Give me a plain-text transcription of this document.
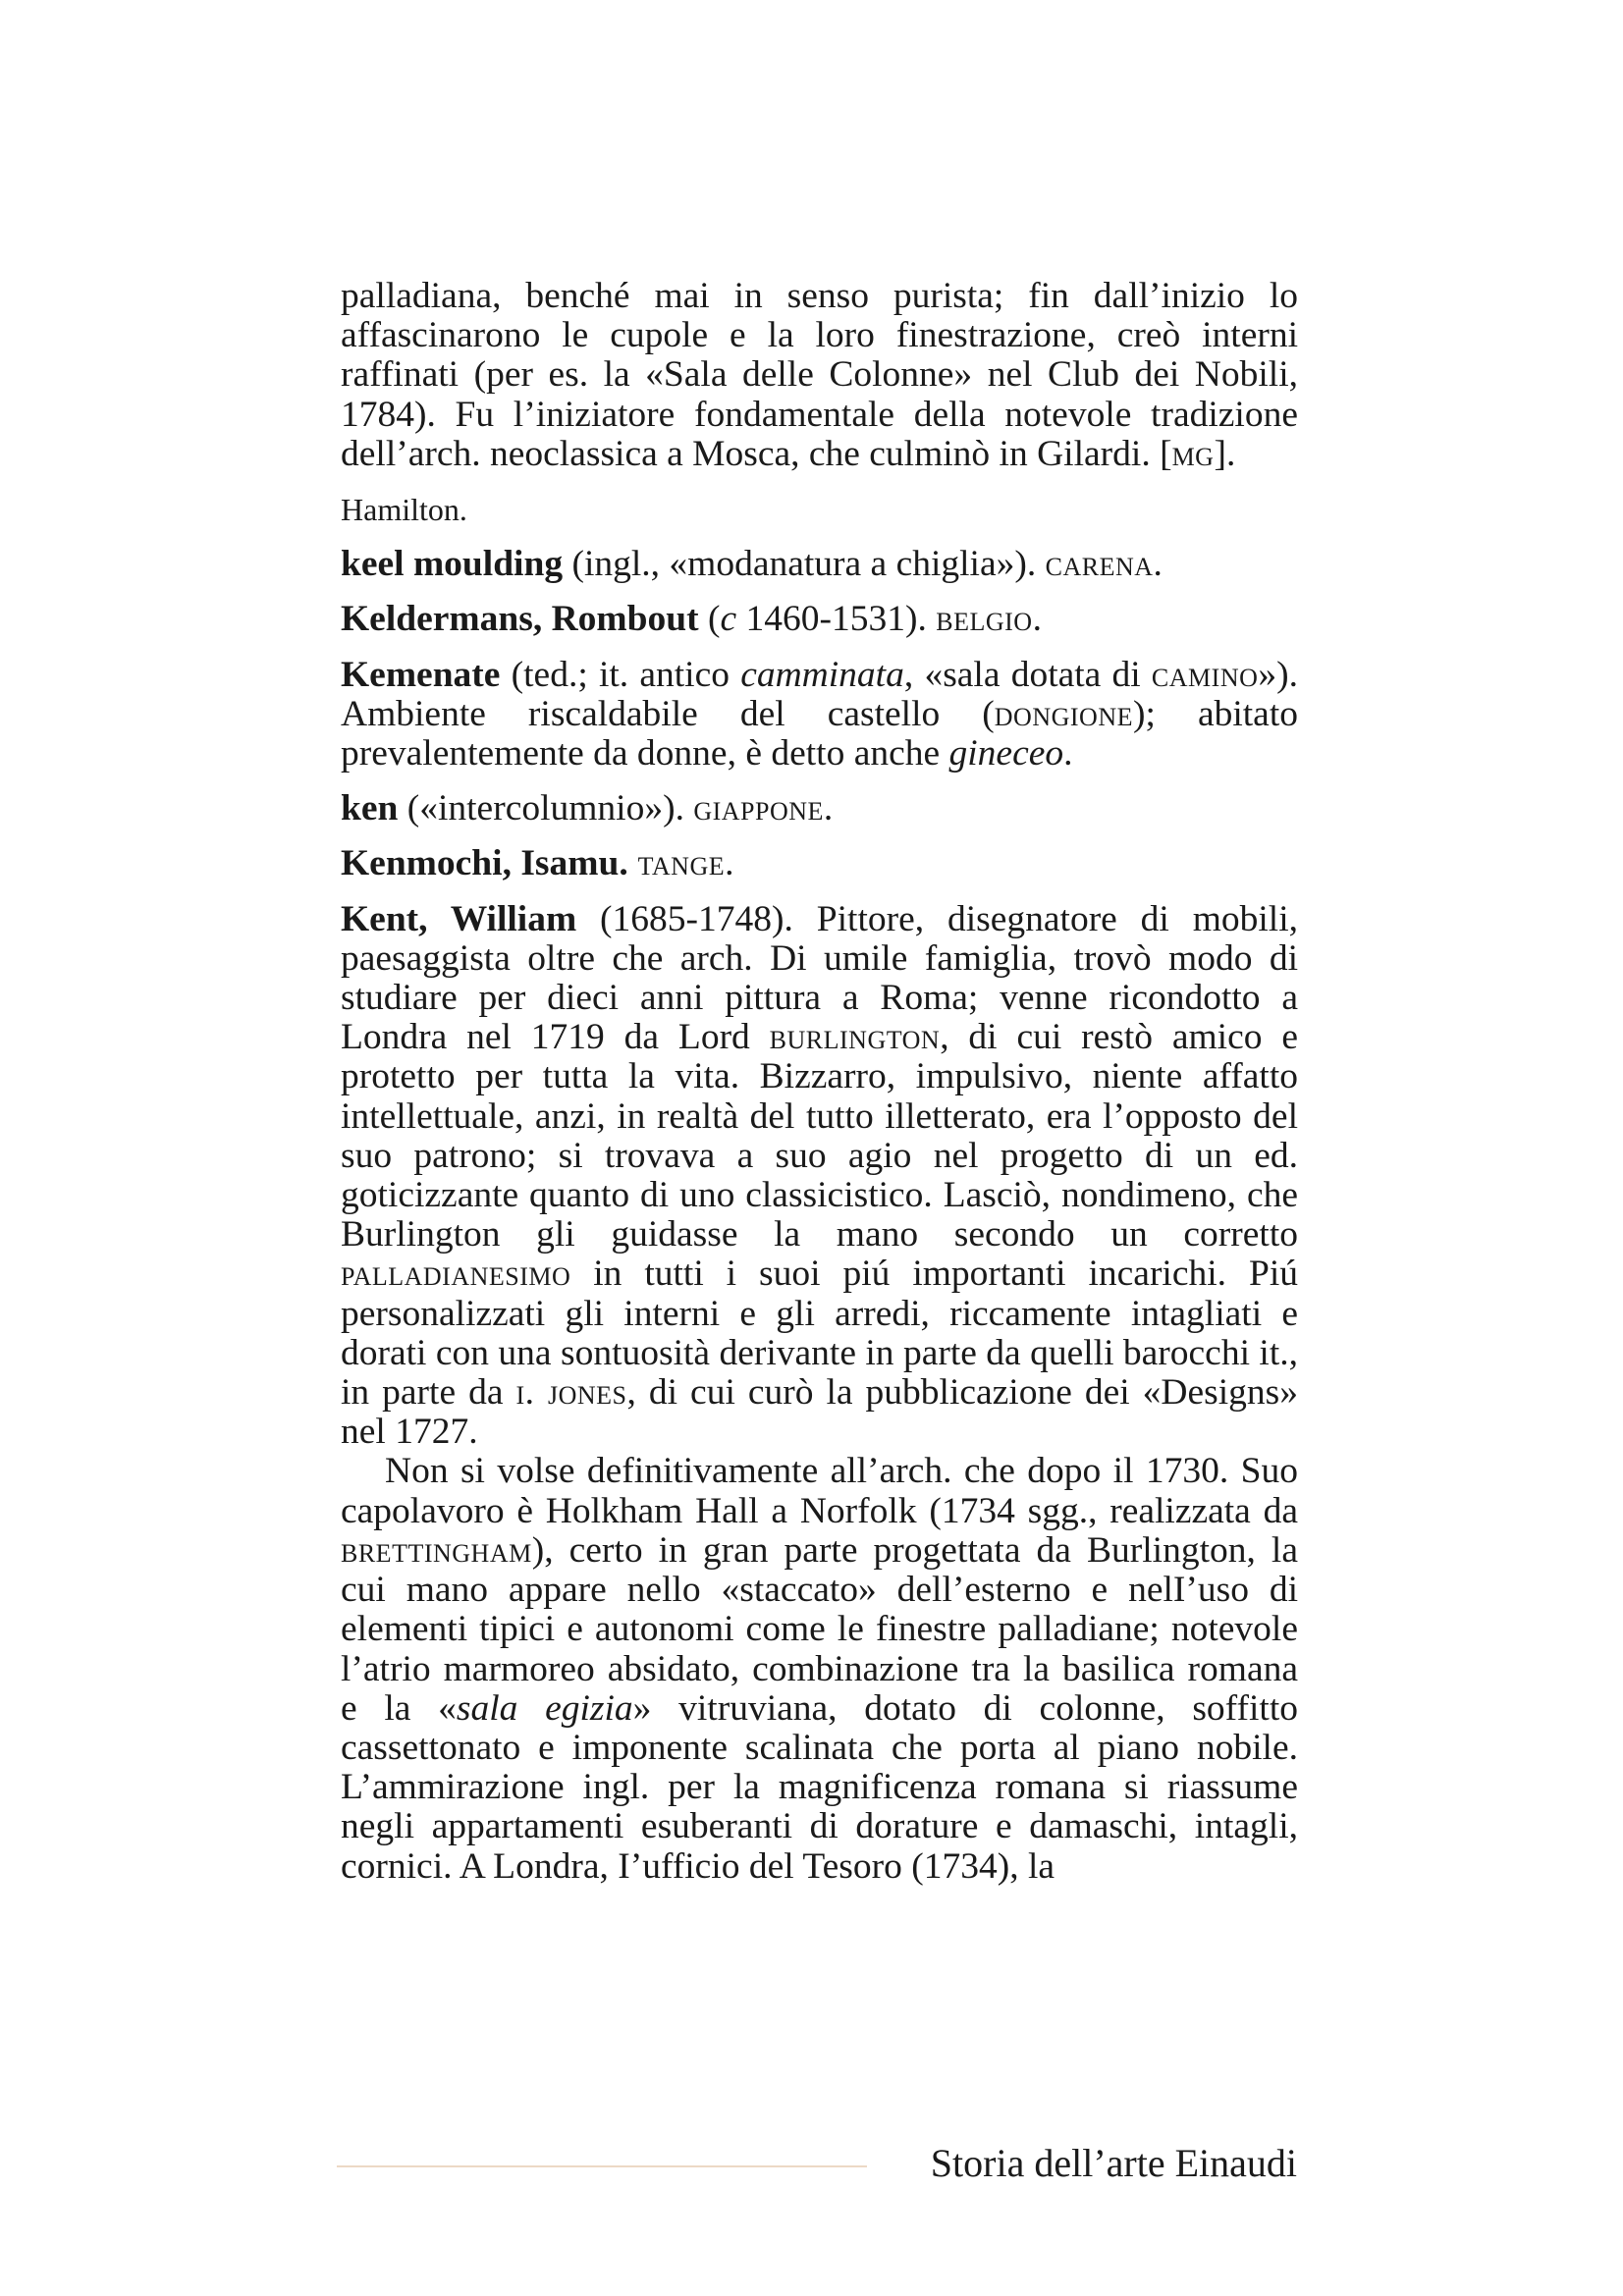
palladiana, benché mai in senso purista; fin dall’inizio lo affascinarono le cupole e la loro finestrazione, creò interni raffinati (per es. la «Sala delle Colonne» nel Club dei Nobili, 1784). Fu l’iniziatore fondamentale della notevole tradizione dell’arch. neoclassica a Mosca, che culminò in Gilardi. [mg].

Hamilton.

keel moulding (ingl., «modanatura a chiglia»). carena.

Keldermans, Rombout (c 1460-1531). belgio.

Kemenate (ted.; it. antico camminata, «sala dotata di camino»). Ambiente riscaldabile del castello (dongione); abitato prevalentemente da donne, è detto anche gineceo.

ken («intercolumnio»). giappone.

Kenmochi, Isamu. tange.

Kent, William (1685-1748). Pittore, disegnatore di mobili, paesaggista oltre che arch. Di umile famiglia, trovò modo di studiare per dieci anni pittura a Roma; venne ricondotto a Londra nel 1719 da Lord burlington, di cui restò amico e protetto per tutta la vita. Bizzarro, impulsivo, niente affatto intellettuale, anzi, in realtà del tutto illetterato, era l’opposto del suo patrono; si trovava a suo agio nel progetto di un ed. goticizzante quanto di uno classicistico. Lasciò, nondimeno, che Burlington gli guidasse la mano secondo un corretto palladianesimo in tutti i suoi piú importanti incarichi. Piú personalizzati gli interni e gli arredi, riccamente intagliati e dorati con una sontuosità derivante in parte da quelli barocchi it., in parte da i. jones, di cui curò la pubblicazione dei «Designs» nel 1727.

Non si volse definitivamente all’arch. che dopo il 1730. Suo capolavoro è Holkham Hall a Norfolk (1734 sgg., realizzata da brettingham), certo in gran parte progettata da Burlington, la cui mano appare nello «staccato» dell’esterno e nelI’uso di elementi tipici e autonomi come le finestre palladiane; notevole l’atrio marmoreo absidato, combinazione tra la basilica romana e la «sala egizia» vitruviana, dotato di colonne, soffitto cassettonato e imponente scalinata che porta al piano nobile. L’ammirazione ingl. per la magnificenza romana si riassume negli appartamenti esuberanti di dorature e damaschi, intagli, cornici. A Londra, I’ufficio del Tesoro (1734), la

Storia dell’arte Einaudi
